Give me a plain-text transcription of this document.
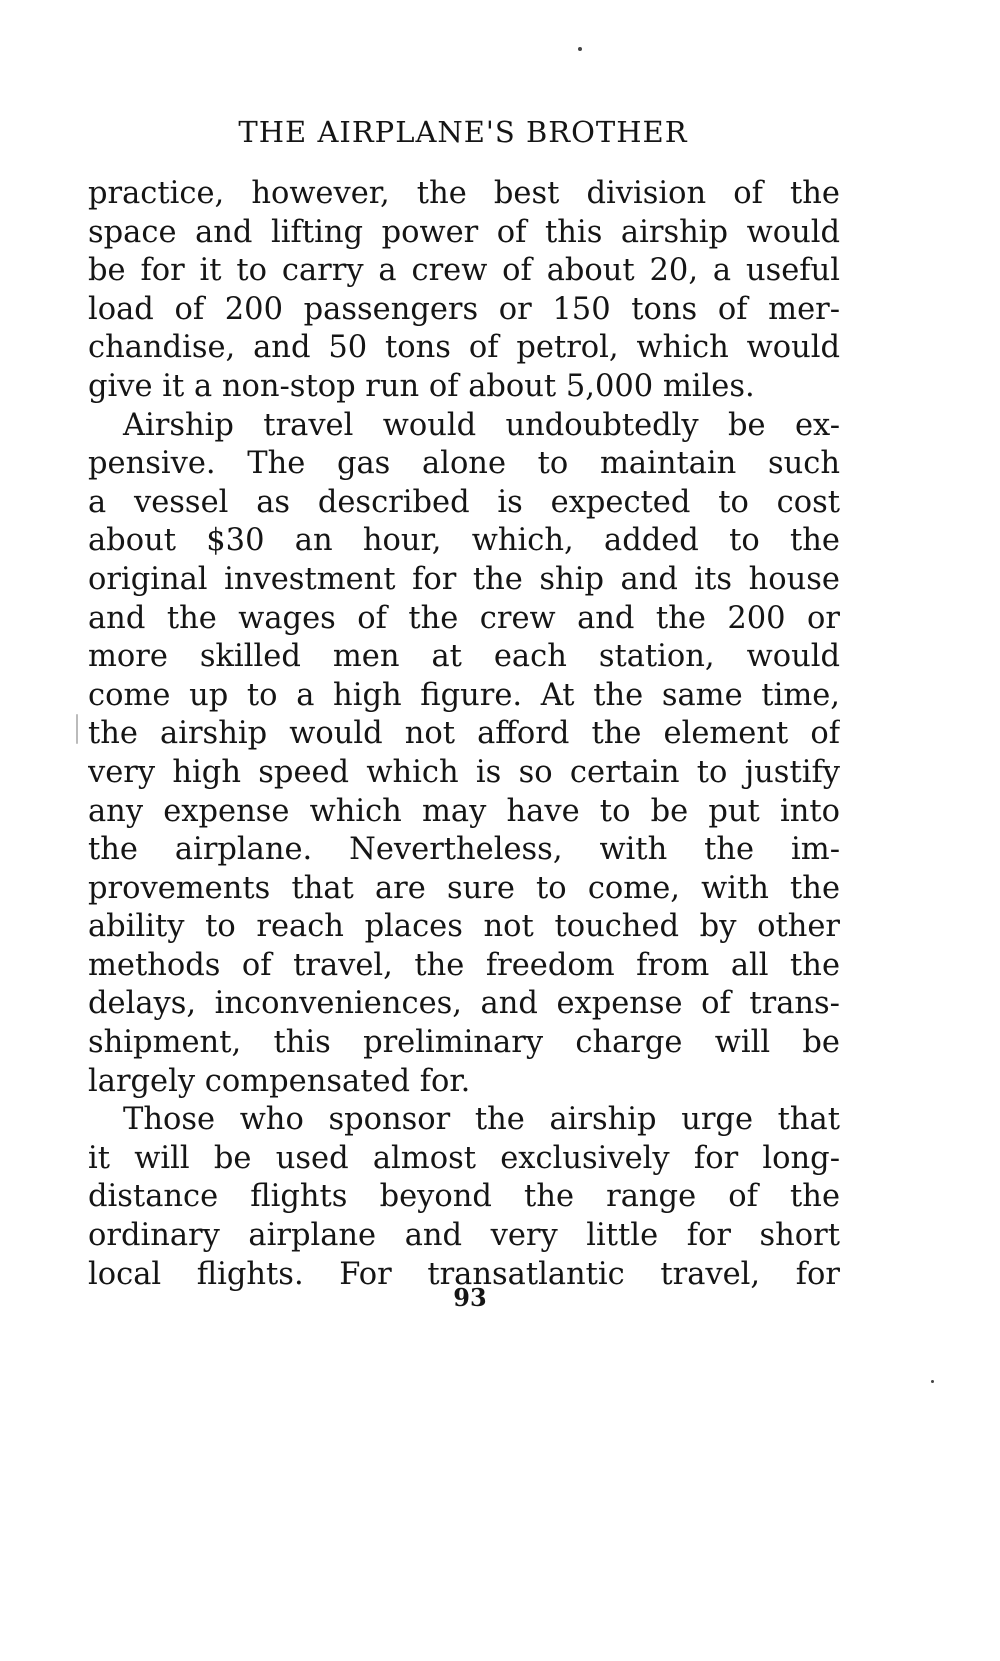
THE AIRPLANE'S BROTHER
practice, however, the best division of the
space and lifting power of this airship would
be for it to carry a crew of about 20, a useful
load of 200 passengers or 150 tons of mer-
chandise, and 50 tons of petrol, which would
give it a non-stop run of about 5,000 miles.
Airship travel would undoubtedly be ex-
pensive. The gas alone to maintain such
a vessel as described is expected to cost
about $30 an hour, which, added to the
original investment for the ship and its house
and the wages of the crew and the 200 or
more skilled men at each station, would
come up to a high figure. At the same time,
the airship would not afford the element of
very high speed which is so certain to justify
any expense which may have to be put into
the airplane. Nevertheless, with the im-
provements that are sure to come, with the
ability to reach places not touched by other
methods of travel, the freedom from all the
delays, inconveniences, and expense of trans-
shipment, this preliminary charge will be
largely compensated for.
Those who sponsor the airship urge that
it will be used almost exclusively for long-
distance flights beyond the range of the
ordinary airplane and very little for short
local flights. For transatlantic travel, for
93
